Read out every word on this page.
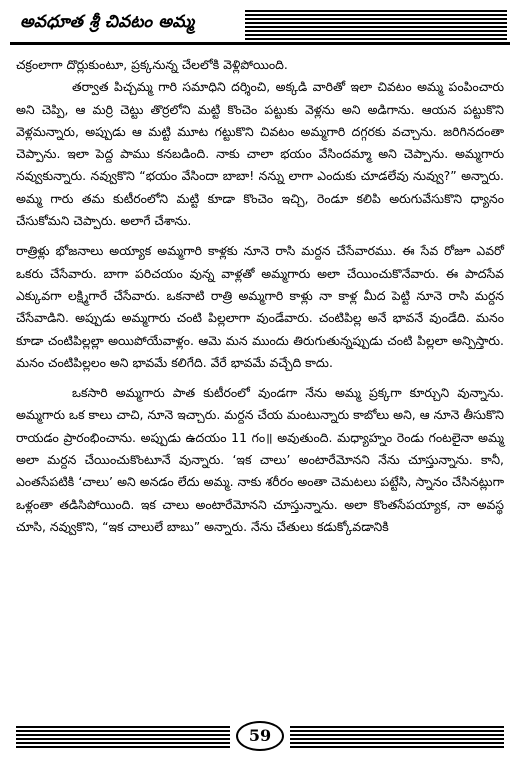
అవధూత శ్రీ చివటం అమ్మ

చక్రంలాగా దొర్లుకుంటూ, ప్రక్కనున్న చేలలోకి వెళ్లిపోయింది.

తర్వాత పిచ్చమ్మ గారి సమాధిని దర్శించి, అక్కడి వారితో ఇలా చివటం అమ్మ పంపించారు అని చెప్పి, ఆ మర్రి చెట్టు తొర్రలోని మట్టి కొంచెం పట్టుకు వెళ్లను అని అడిగాను. ఆయన పట్టుకొని వెళ్లమన్నారు, అప్పుడు ఆ మట్టి మూట గట్టుకొని చివటం అమ్మగారి దగ్గరకు వచ్చాను. జరిగినదంతా చెప్పాను. ఇలా పెద్ద పాము కనబడింది. నాకు చాలా భయం వేసిందమ్మా అని చెప్పాను. అమ్మగారు నవ్వుకున్నారు. నవ్వుకొని “భయం వేసిందా బాబా! నన్ను లాగా ఎందుకు చూడలేవు నువ్వు?” అన్నారు. అమ్మ గారు తమ కుటీరంలోని మట్టి కూడా కొంచెం ఇచ్చి, రెండూ కలిపి అరుగువేసుకొని ధ్యానం చేసుకోమని చెప్పారు. అలాగే చేశాను.

రాత్రిళ్లు భోజనాలు అయ్యాక అమ్మగారి కాళ్లకు నూనె రాసి మర్దన చేసేవారము. ఈ సేవ రోజూ ఎవరో ఒకరు చేసేవారు. బాగా పరిచయం వున్న వాళ్లతో అమ్మగారు అలా చేయించుకొనేవారు. ఈ పాదసేవ ఎక్కువగా లక్ష్మిగారే చేసేవారు. ఒకనాటి రాత్రి అమ్మగారి కాళ్లు నా కాళ్ల మీద పెట్టి నూనె రాసి మర్దన చేసేవాడిని. అప్పుడు అమ్మగారు చంటి పిల్లలాగా వుండేవారు. చంటిపిల్ల అనే భావనే వుండేది. మనం కూడా చంటిపిల్లల్లా అయిపోయేవాళ్లం. ఆమె మన ముందు తిరుగుతున్నప్పుడు చంటి పిల్లలా అన్పిస్తారు. మనం చంటిపిల్లలం అని భావమే కలిగేది. వేరే భావమే వచ్చేది కాదు.

ఒకసారి అమ్మగారు పాత కుటీరంలో వుండగా నేను అమ్మ ప్రక్కగా కూర్చుని వున్నాను. అమ్మగారు ఒక కాలు చాచి, నూనె ఇచ్చారు. మర్దన చేయ మంటున్నారు కాబోలు అని, ఆ నూనె తీసుకొని రాయడం ప్రారంభించాను. అప్పుడు ఉదయం 11 గం॥ అవుతుంది. మధ్యాహ్నం రెండు గంటలైనా అమ్మ అలా మర్దన చేయించుకొంటూనే వున్నారు. ‘ఇక చాలు’ అంటారేమోనని నేను చూస్తున్నాను. కానీ, ఎంతసేపటికి ‘చాలు’ అని అనడం లేదు అమ్మ. నాకు శరీరం అంతా చెమటలు పట్టేసి, స్నానం చేసినట్లుగా ఒళ్లంతా తడిసిపోయింది. ఇక చాలు అంటారేమోనని చూస్తున్నాను. అలా కొంతసేపయ్యాక, నా అవస్థ చూసి, నవ్వుకొని, “ఇక చాలులే బాబు” అన్నారు. నేను చేతులు కడుక్కోవడానికి

59
